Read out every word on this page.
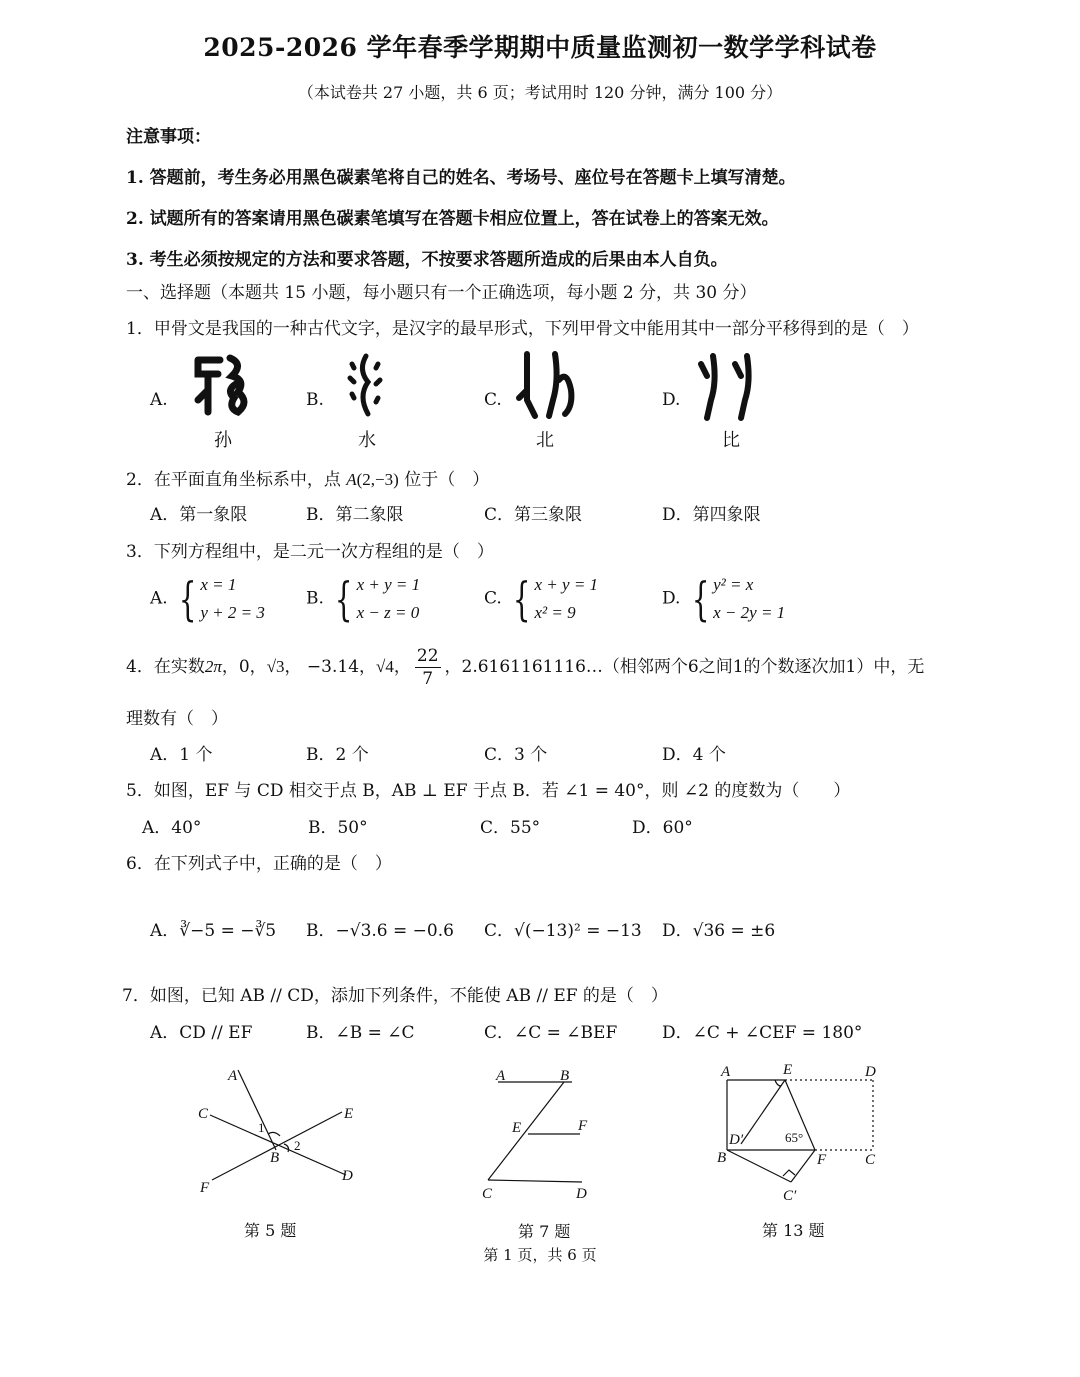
2025-2026 学年春季学期期中质量监测初一数学学科试卷
（本试卷共 27 小题，共 6 页；考试用时 120 分钟，满分 100 分）
注意事项：
1. 答题前，考生务必用黑色碳素笔将自己的姓名、考场号、座位号在答题卡上填写清楚。
2. 试题所有的答案请用黑色碳素笔填写在答题卡相应位置上，答在试卷上的答案无效。
3. 考生必须按规定的方法和要求答题，不按要求答题所造成的后果由本人自负。
一、选择题（本题共 15 小题，每小题只有一个正确选项，每小题 2 分，共 30 分）
1．甲骨文是我国的一种古代文字，是汉字的最早形式，下列甲骨文中能用其中一部分平移得到的是（　）
A.
孙
B.
水
C.
北
D.
比
2．在平面直角坐标系中，点 A(2,−3) 位于（　）
A．第一象限	B．第二象限	C．第三象限	D．第四象限
3．下列方程组中，是二元一次方程组的是（　）
A. { x = 1
y + 2 = 3
B. { x + y = 1
x − z = 0
C. { x + y = 1
x² = 9
D. { y² = x
x − 2y = 1
4．在实数2π，0，√3， −3.14，√4， $\frac{22}{7}$ ，2.6161161116…（相邻两个6之间1的个数逐次加1）中，无
理数有（　）
A．1 个	B．2 个	C．3 个	D．4 个
5．如图，EF 与 CD 相交于点 B，AB ⊥ EF 于点 B．若 ∠1 = 40°，则 ∠2 的度数为（　　）
A．40°	B．50°	C．55°	D．60°
6．在下列式子中，正确的是（　）
A．∛−5 = −∛5 B．−√3.6 = −0.6 C．√(−13)² = −13 D．√36 = ±6
7．如图，已知 AB // CD，添加下列条件，不能使 AB // EF 的是（　）
A．CD // EF	B．∠B = ∠C	C．∠C = ∠BEF	D．∠C + ∠CEF = 180°
A
C	E
1
2
B
F
D
第 5 题
A	B
E	F
C	D
第 7 题
A	E	D
D′	65°
B	F	C
C′
第 13 题
第 1 页，共 6 页
